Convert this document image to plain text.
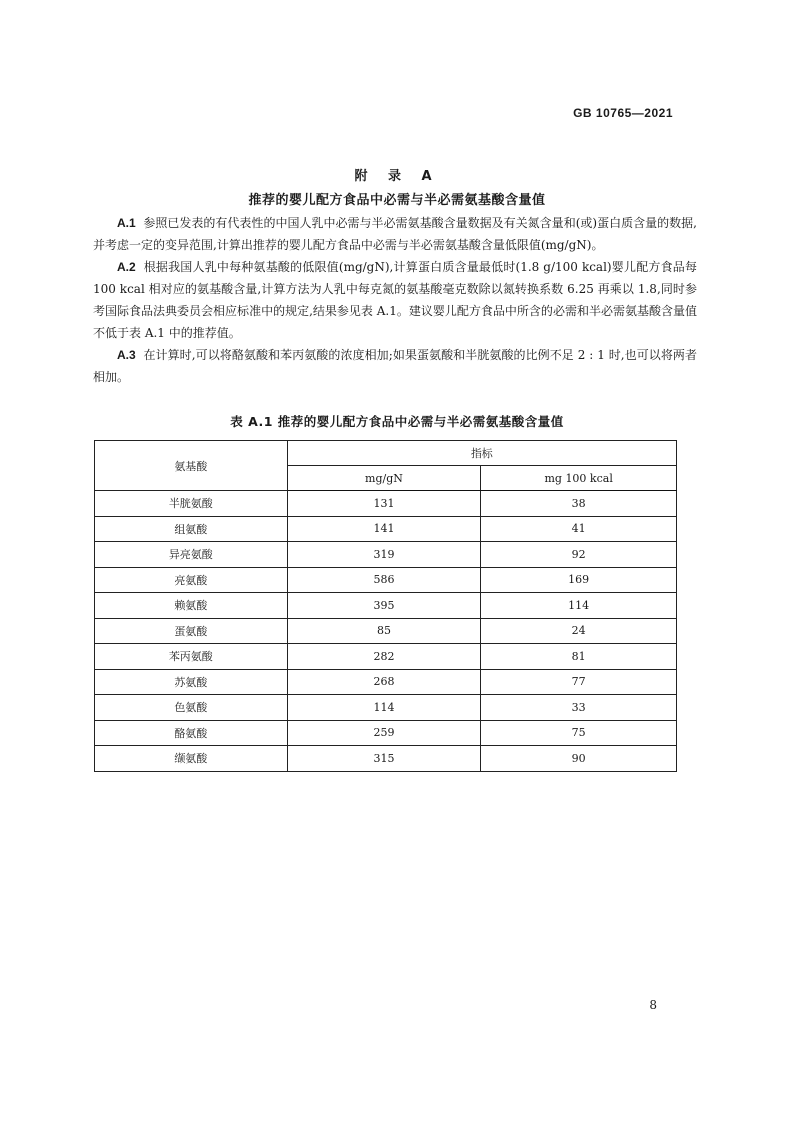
GB 10765—2021
附 录 A
推荐的婴儿配方食品中必需与半必需氨基酸含量值

A.1 参照已发表的有代表性的中国人乳中必需与半必需氨基酸含量数据及有关氮含量和(或)蛋白质含量的数据,并考虑一定的变异范围,计算出推荐的婴儿配方食品中必需与半必需氨基酸含量低限值(mg/gN)。

A.2 根据我国人乳中每种氨基酸的低限值(mg/gN),计算蛋白质含量最低时(1.8 g/100 kcal)婴儿配方食品每 100 kcal 相对应的氨基酸含量,计算方法为人乳中每克氮的氨基酸毫克数除以氮转换系数 6.25 再乘以 1.8,同时参考国际食品法典委员会相应标准中的规定,结果参见表 A.1。建议婴儿配方食品中所含的必需和半必需氨基酸含量值不低于表 A.1 中的推荐值。

A.3 在计算时,可以将酪氨酸和苯丙氨酸的浓度相加;如果蛋氨酸和半胱氨酸的比例不足 2 : 1 时,也可以将两者相加。

表 A.1 推荐的婴儿配方食品中必需与半必需氨基酸含量值
氨基酸	指标	
	mg/gN	mg 100 kcal
半胱氨酸	131	38
组氨酸	141	41
异亮氨酸	319	92
亮氨酸	586	169
赖氨酸	395	114
蛋氨酸	85	24
苯丙氨酸	282	81
苏氨酸	268	77
色氨酸	114	33
酪氨酸	259	75
缬氨酸	315	90
8
